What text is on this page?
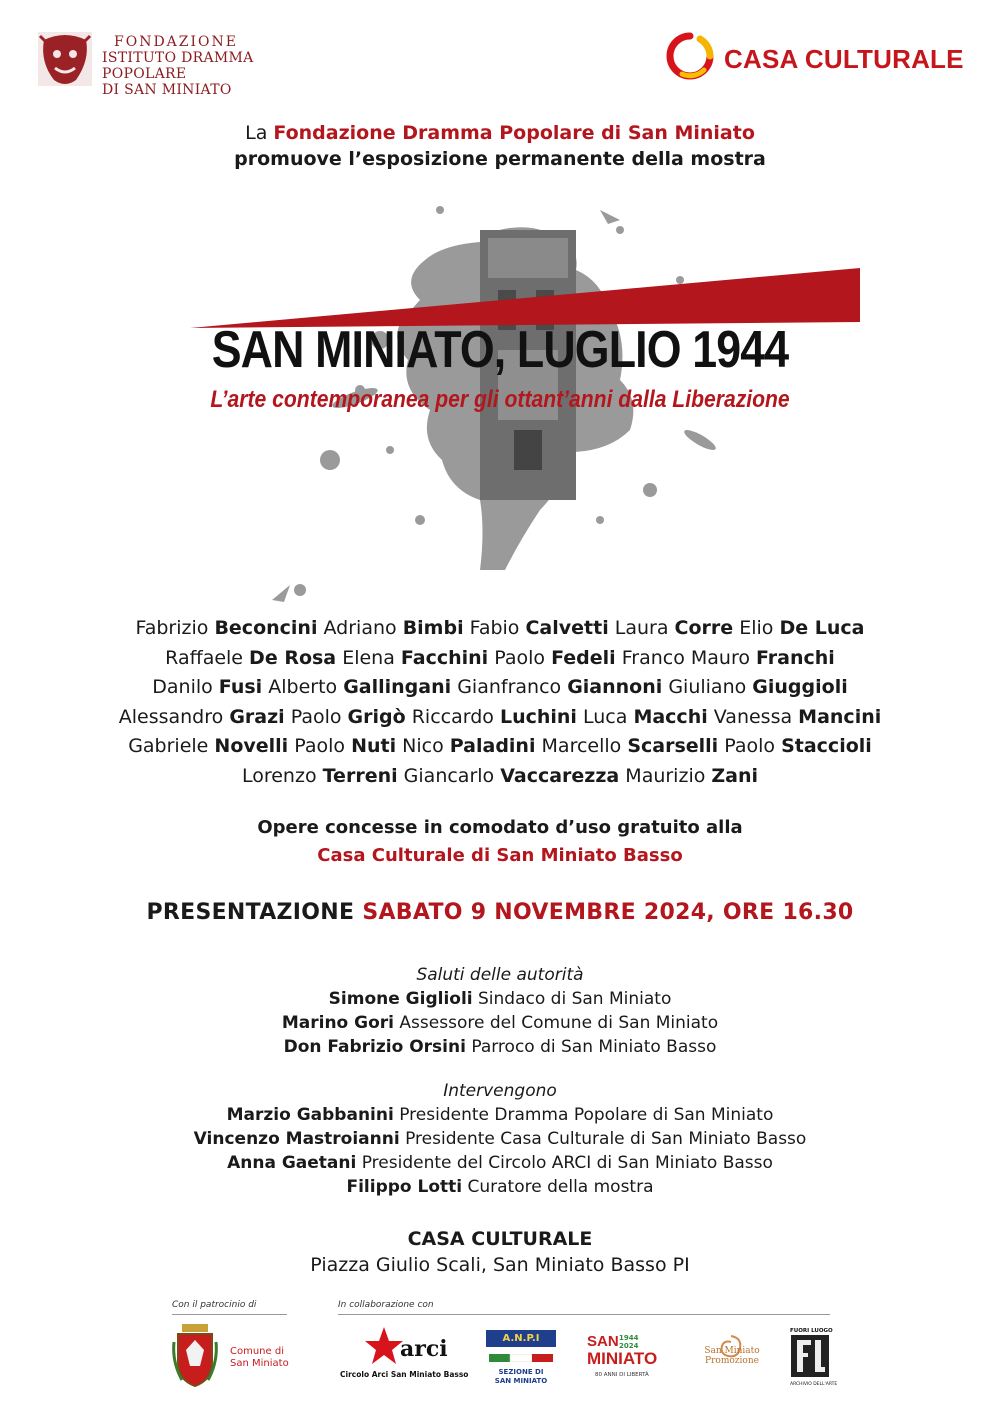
FONDAZIONE
ISTITUTO DRAMMA POPOLARE
DI SAN MINIATO
CASA CULTURALE
La Fondazione Dramma Popolare di San Miniato
promuove l’esposizione permanente della mostra
SAN MINIATO, LUGLIO 1944
L’arte contemporanea per gli ottant’anni dalla Liberazione
Fabrizio Beconcini Adriano Bimbi Fabio Calvetti Laura Corre Elio De Luca
Raffaele De Rosa Elena Facchini Paolo Fedeli Franco Mauro Franchi
Danilo Fusi Alberto Gallingani Gianfranco Giannoni Giuliano Giuggioli
Alessandro Grazi Paolo Grigò Riccardo Luchini Luca Macchi Vanessa Mancini
Gabriele Novelli Paolo Nuti Nico Paladini Marcello Scarselli Paolo Staccioli
Lorenzo Terreni Giancarlo Vaccarezza Maurizio Zani
Opere concesse in comodato d’uso gratuito alla
Casa Culturale di San Miniato Basso
PRESENTAZIONE SABATO 9 NOVEMBRE 2024, ORE 16.30
Saluti delle autorità
Simone Giglioli Sindaco di San Miniato
Marino Gori Assessore del Comune di San Miniato
Don Fabrizio Orsini Parroco di San Miniato Basso
Intervengono
Marzio Gabbanini Presidente Dramma Popolare di San Miniato
Vincenzo Mastroianni Presidente Casa Culturale di San Miniato Basso
Anna Gaetani Presidente del Circolo ARCI di San Miniato Basso
Filippo Lotti Curatore della mostra
CASA CULTURALE
Piazza Giulio Scali, San Miniato Basso PI
Con il patrocinio di	In collaborazione con
Comune di
San Miniato
arci
Circolo Arci San Miniato Basso
A.N.P.I
SEZIONE DI
SAN MINIATO
SAN 1944
2024
MINIATO
80 ANNI DI LIBERTÀ
San Miniato
Promozione
FUORI LUOGO
ARCHIVIO DELL'ARTE
